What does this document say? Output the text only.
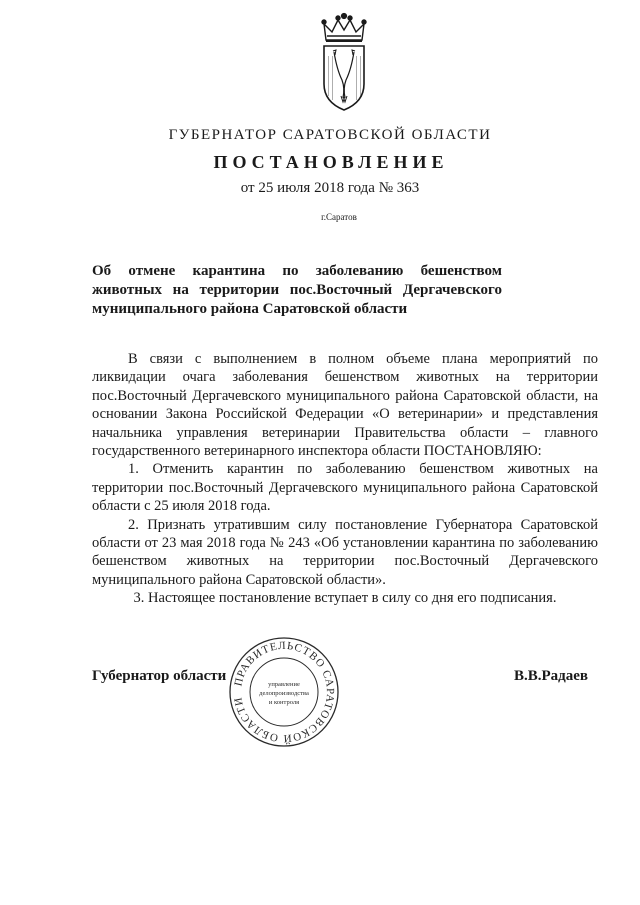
ГУБЕРНАТОР САРАТОВСКОЙ ОБЛАСТИ

ПОСТАНОВЛЕНИЕ

от 25 июля 2018 года № 363

г.Саратов

Об отмене карантина по заболеванию бешенством животных на территории пос.Восточный Дергачевского муниципального района Саратовской области

В связи с выполнением в полном объеме плана мероприятий по ликвидации очага заболевания бешенством животных на территории пос.Восточный Дергачевского муниципального района Саратовской области, на основании Закона Российской Федерации «О ветеринарии» и представления начальника управления ветеринарии Правительства области – главного государственного ветеринарного инспектора области ПОСТАНОВЛЯЮ:

1. Отменить карантин по заболеванию бешенством животных на территории пос.Восточный Дергачевского муниципального района Саратовской области с 25 июля 2018 года.

2. Признать утратившим силу постановление Губернатора Саратовской области от 23 мая 2018 года № 243 «Об установлении карантина по заболеванию бешенством животных на территории пос.Восточный Дергачевского муниципального района Саратовской области».

3. Настоящее постановление вступает в силу со дня его подписания.

Губернатор области	В.В.Радаев

ПРАВИТЕЛЬСТВО САРАТОВСКОЙ ОБЛАСТИ
управление
делопроизводства
и контроля
